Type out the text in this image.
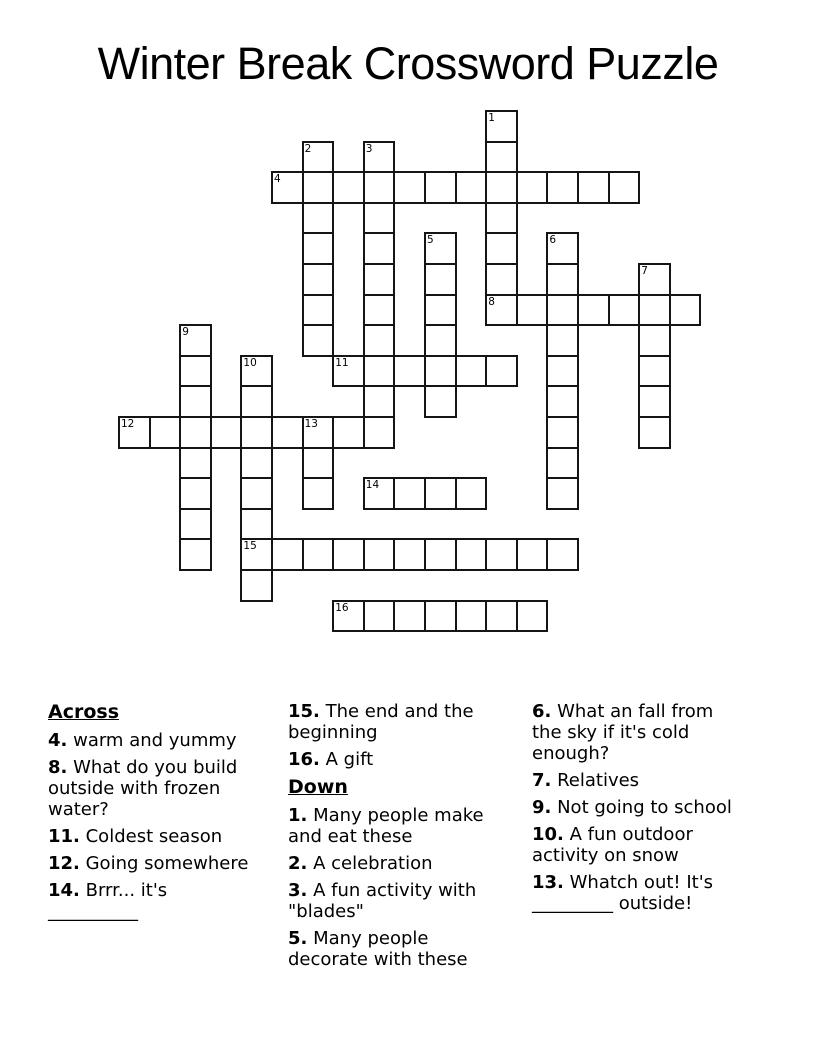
Winter Break Crossword Puzzle
1
2	3
4
5	6
7
8
9
10	11
12	13
14
15
16
Across
4. warm and yummy
8. What do you build outside with frozen water?
11. Coldest season
12. Going somewhere
14. Brrr... it's __________
15. The end and the beginning
16. A gift
Down
1. Many people make and eat these
2. A celebration
3. A fun activity with "blades"
5. Many people decorate with these
6. What an fall from the sky if it's cold enough?
7. Relatives
9. Not going to school
10. A fun outdoor activity on snow
13. Whatch out! It's _________ outside!
